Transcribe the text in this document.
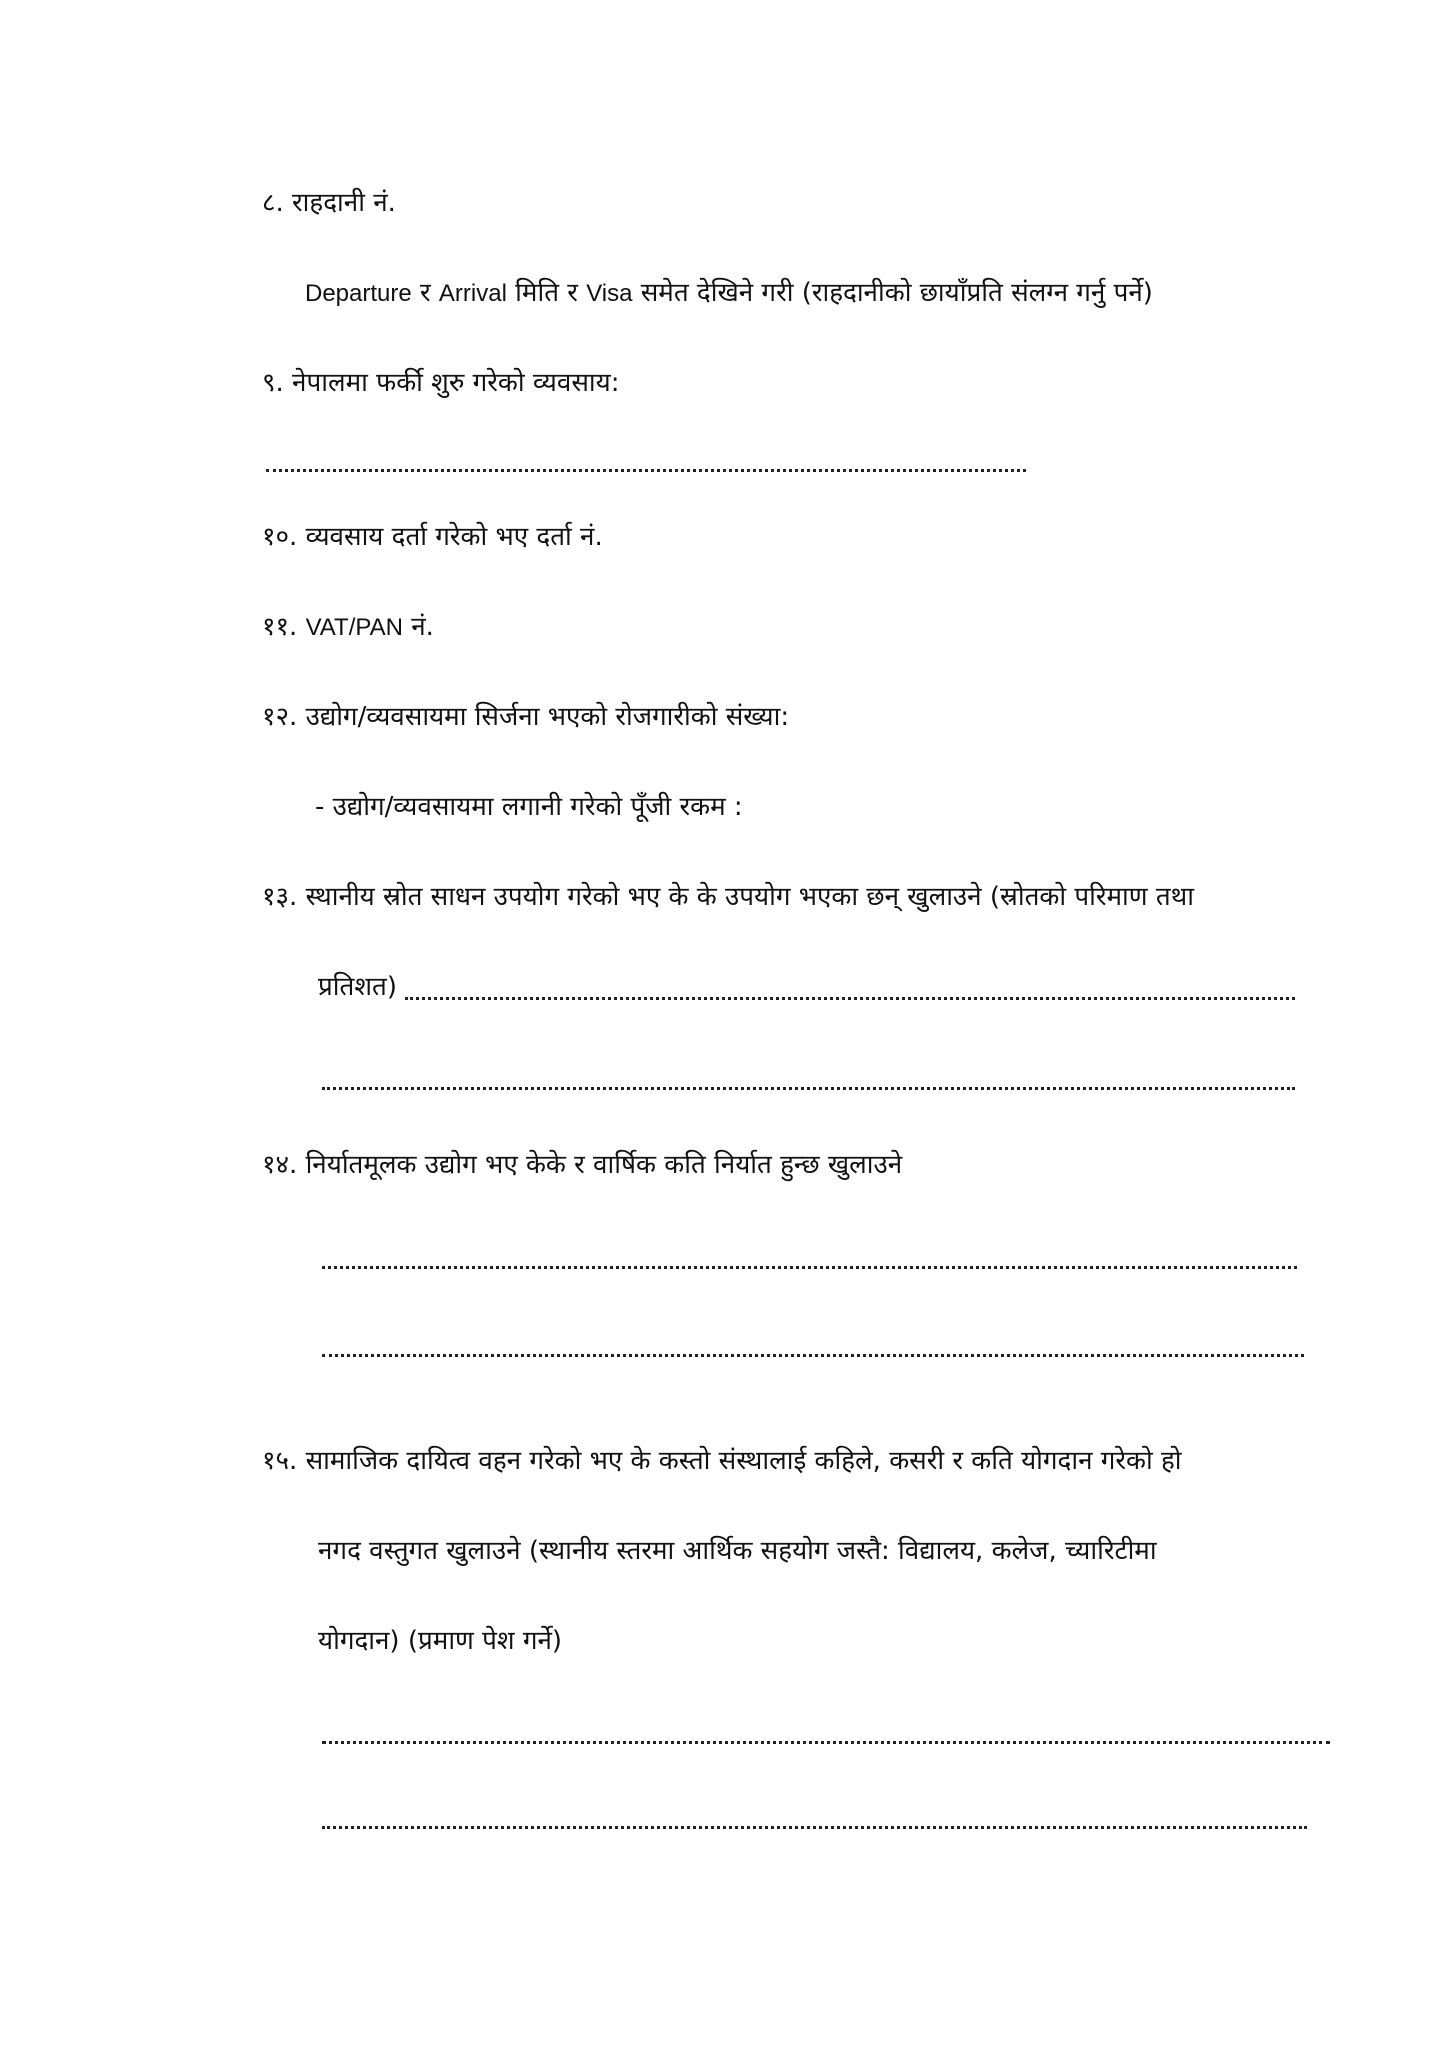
८. राहदानी नं.
Departure र Arrival मिति र Visa समेत देखिने गरी (राहदानीको छायाँप्रति संलग्न गर्नु पर्ने)
९. नेपालमा फर्की शुरु गरेको व्यवसाय:
१०. व्यवसाय दर्ता गरेको भए दर्ता नं.
११. VAT/PAN नं.
१२. उद्योग/व्यवसायमा सिर्जना भएको रोजगारीको संख्या:
- उद्योग/व्यवसायमा लगानी गरेको पूँजी रकम :
१३. स्थानीय स्रोत साधन उपयोग गरेको भए के के उपयोग भएका छन् खुलाउने (स्रोतको परिमाण तथा
प्रतिशत)
१४. निर्यातमूलक उद्योग भए केके र वार्षिक कति निर्यात हुन्छ खुलाउने
१५. सामाजिक दायित्व वहन गरेको भए के कस्तो संस्थालाई कहिले, कसरी र कति योगदान गरेको हो
नगद वस्तुगत खुलाउने (स्थानीय स्तरमा आर्थिक सहयोग जस्तै: विद्यालय, कलेज, च्यारिटीमा
योगदान) (प्रमाण पेश गर्ने)
